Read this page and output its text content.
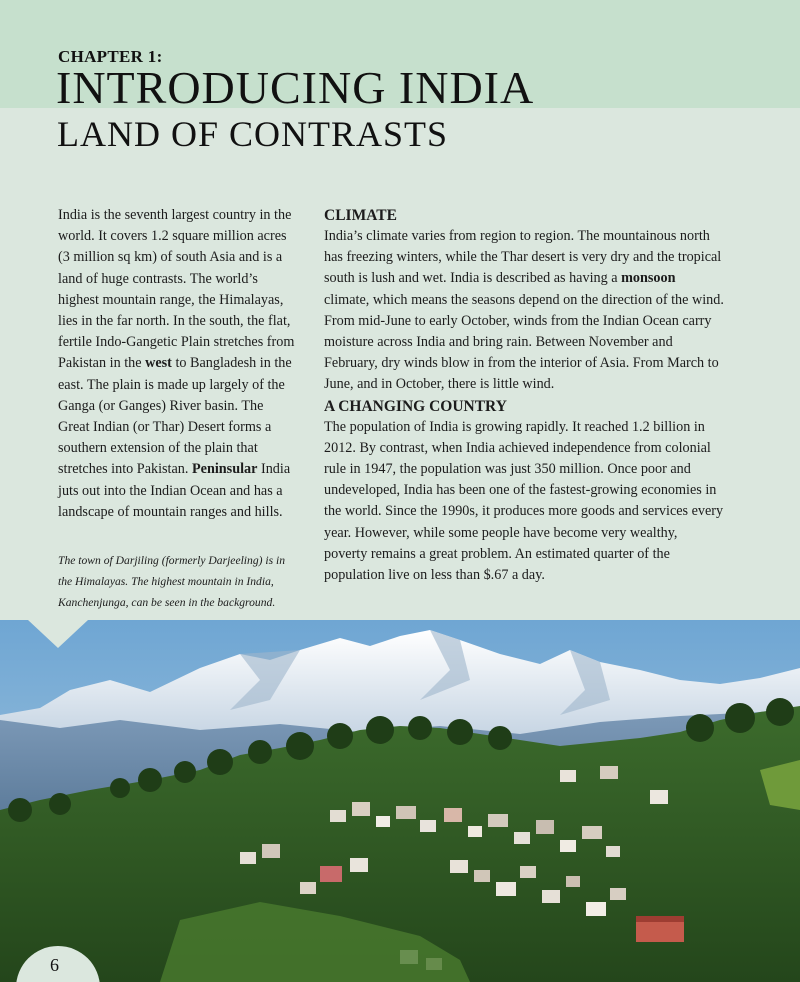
CHAPTER 1:
INTRODUCING INDIA
LAND OF CONTRASTS
India is the seventh largest country in the world. It covers 1.2 square million acres (3 million sq km) of south Asia and is a land of huge contrasts. The world’s highest mountain range, the Himalayas, lies in the far north. In the south, the flat, fertile Indo-Gangetic Plain stretches from Pakistan in the west to Bangladesh in the east. The plain is made up largely of the Ganga (or Ganges) River basin. The Great Indian (or Thar) Desert forms a southern extension of the plain that stretches into Pakistan. Peninsular India juts out into the Indian Ocean and has a landscape of mountain ranges and hills.
CLIMATE

India’s climate varies from region to region. The mountainous north has freezing winters, while the Thar desert is very dry and the tropical south is lush and wet. India is described as having a monsoon climate, which means the seasons depend on the direction of the wind. From mid-June to early October, winds from the Indian Ocean carry moisture across India and bring rain. Between November and February, dry winds blow in from the interior of Asia. From March to June, and in October, there is little wind.

A CHANGING COUNTRY

The population of India is growing rapidly. It reached 1.2 billion in 2012. By contrast, when India achieved independence from colonial rule in 1947, the population was just 350 million. Once poor and undeveloped, India has been one of the fastest-growing economies in the world. Since the 1990s, it produces more goods and services every year. However, while some people have become very wealthy, poverty remains a great problem. An estimated quarter of the population live on less than $.67 a day.

The town of Darjiling (formerly Darjeeling) is in the Himalayas. The highest mountain in India, Kanchenjunga, can be seen in the background.
6
